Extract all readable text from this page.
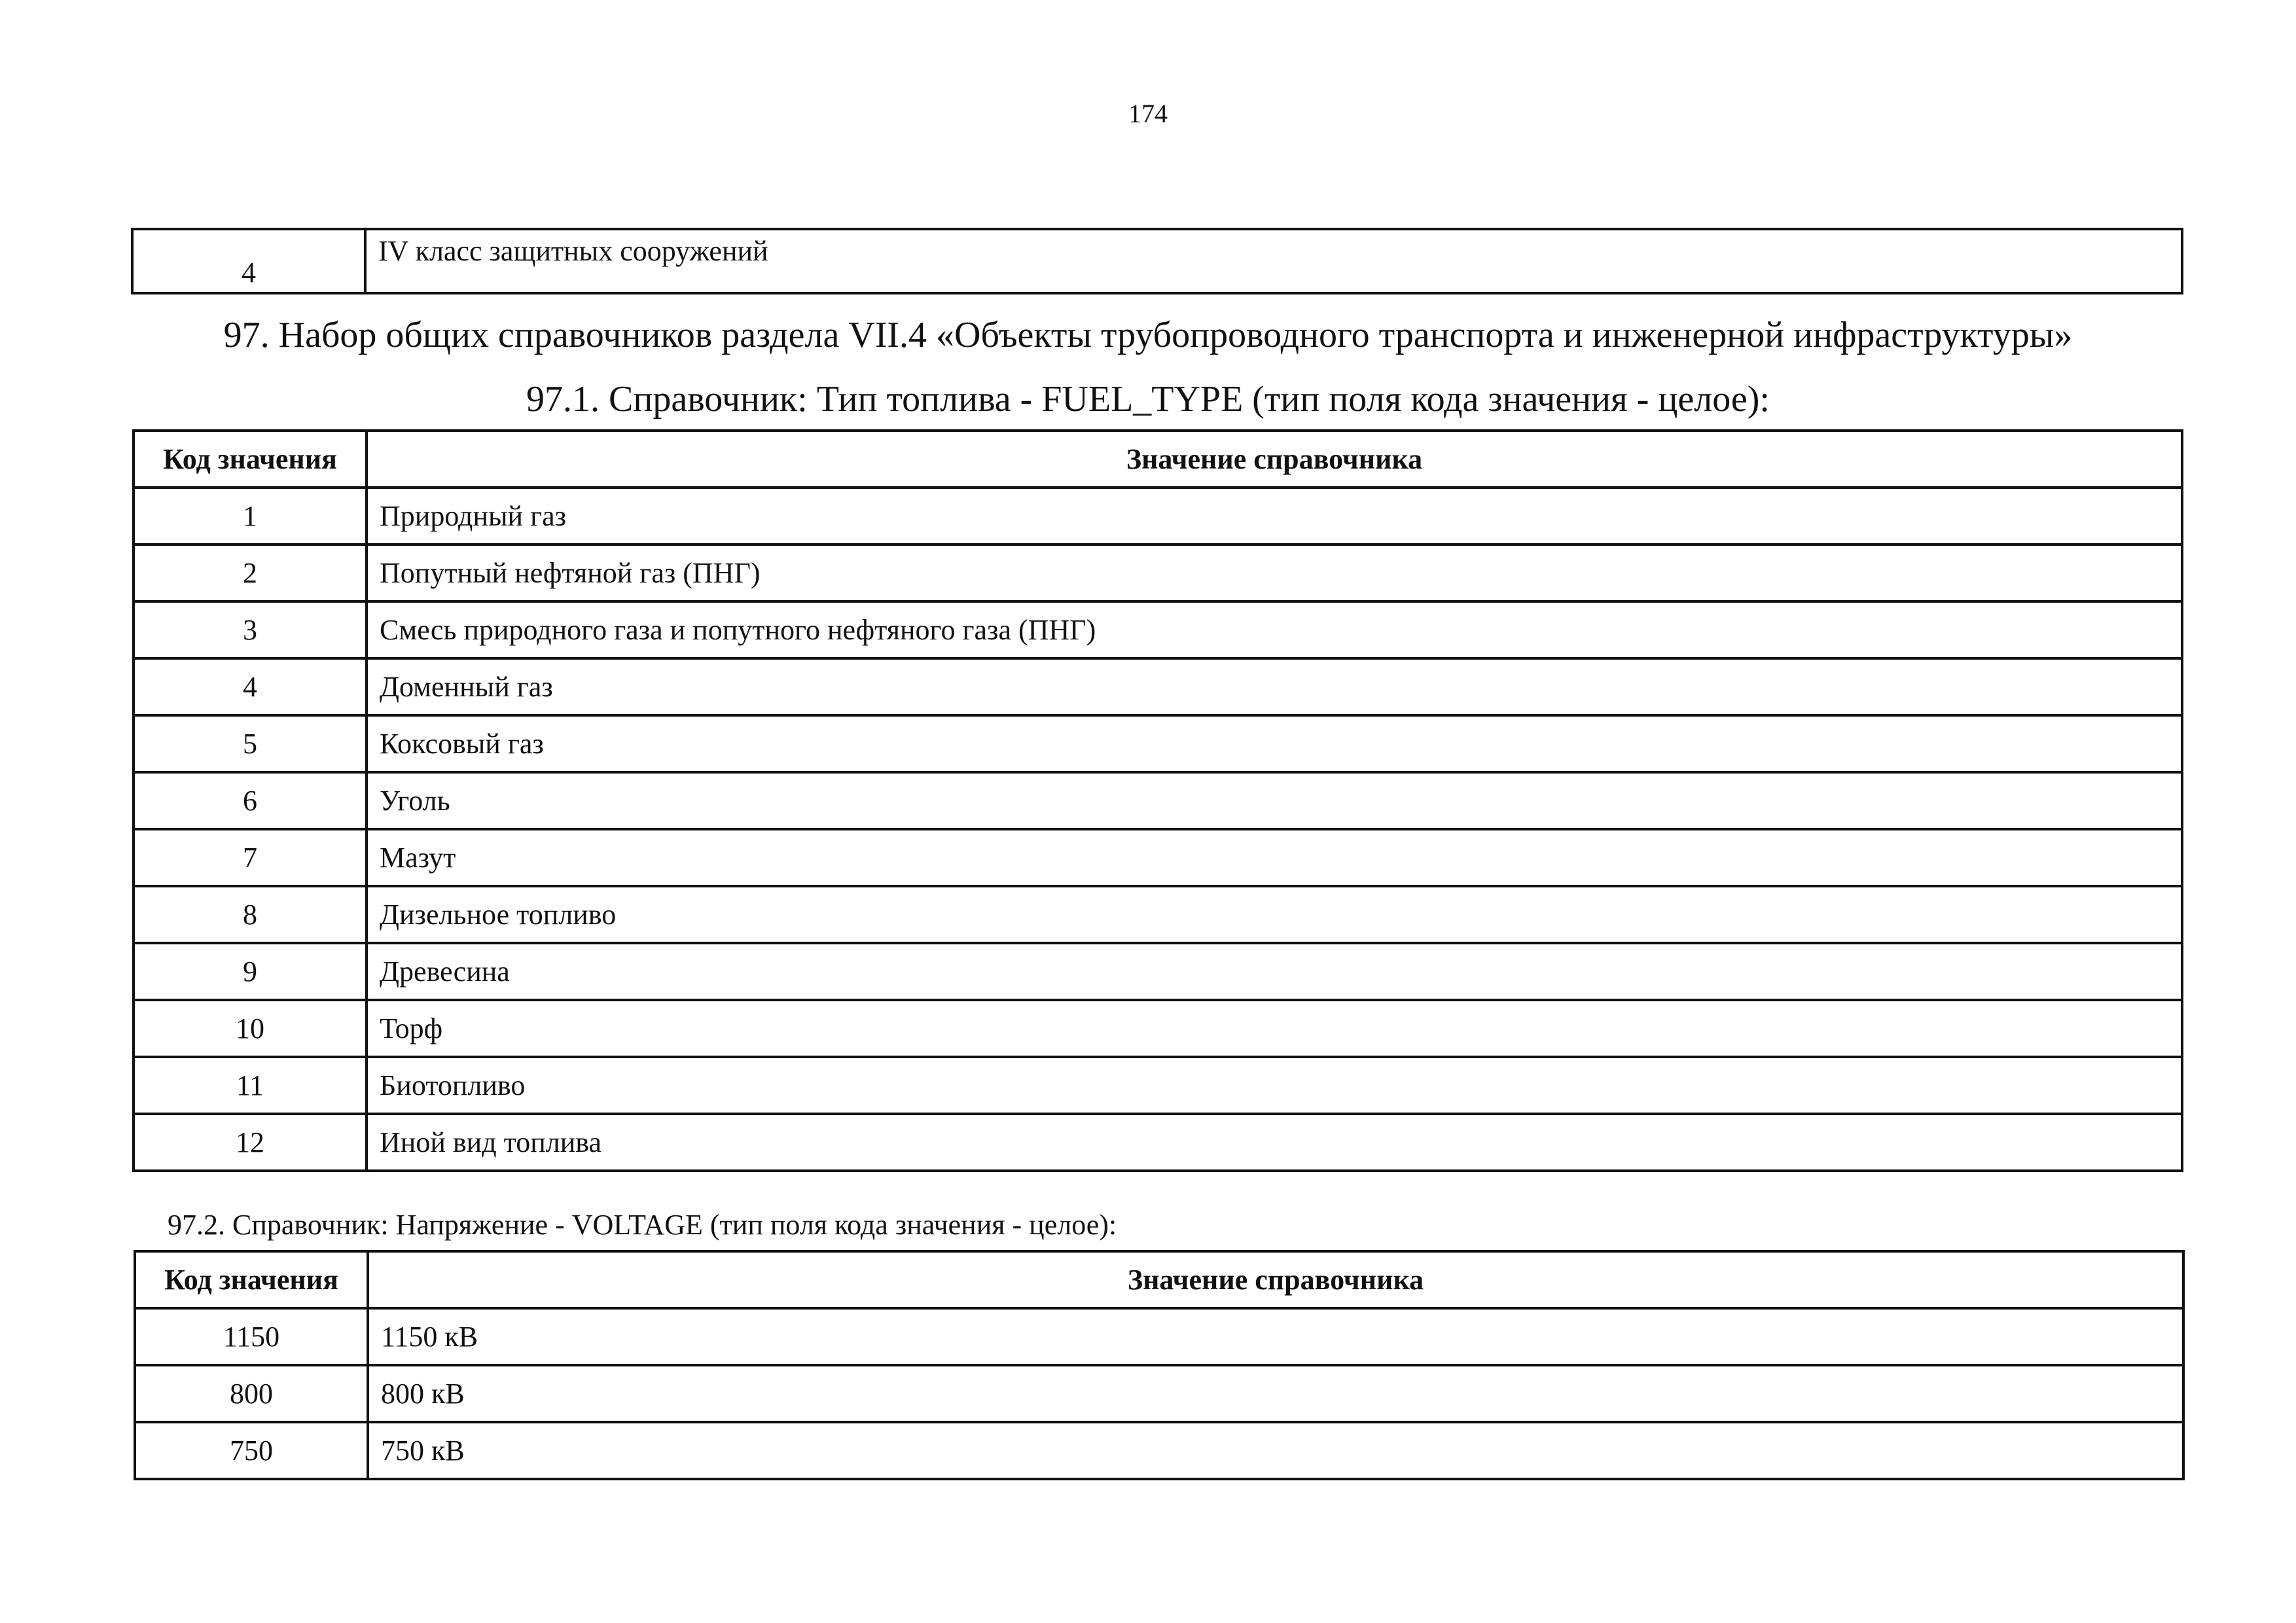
174
4	IV класс защитных сооружений
97. Набор общих справочников раздела VII.4 «Объекты трубопроводного транспорта и инженерной инфраструктуры»
97.1. Справочник: Тип топлива - FUEL_TYPE (тип поля кода значения - целое):
Код значения	Значение справочника
1	Природный газ
2	Попутный нефтяной газ (ПНГ)
3	Смесь природного газа и попутного нефтяного газа (ПНГ)
4	Доменный газ
5	Коксовый газ
6	Уголь
7	Мазут
8	Дизельное топливо
9	Древесина
10	Торф
11	Биотопливо
12	Иной вид топлива
97.2. Справочник: Напряжение - VOLTAGE (тип поля кода значения - целое):
Код значения	Значение справочника
1150	1150 кВ
800	800 кВ
750	750 кВ
